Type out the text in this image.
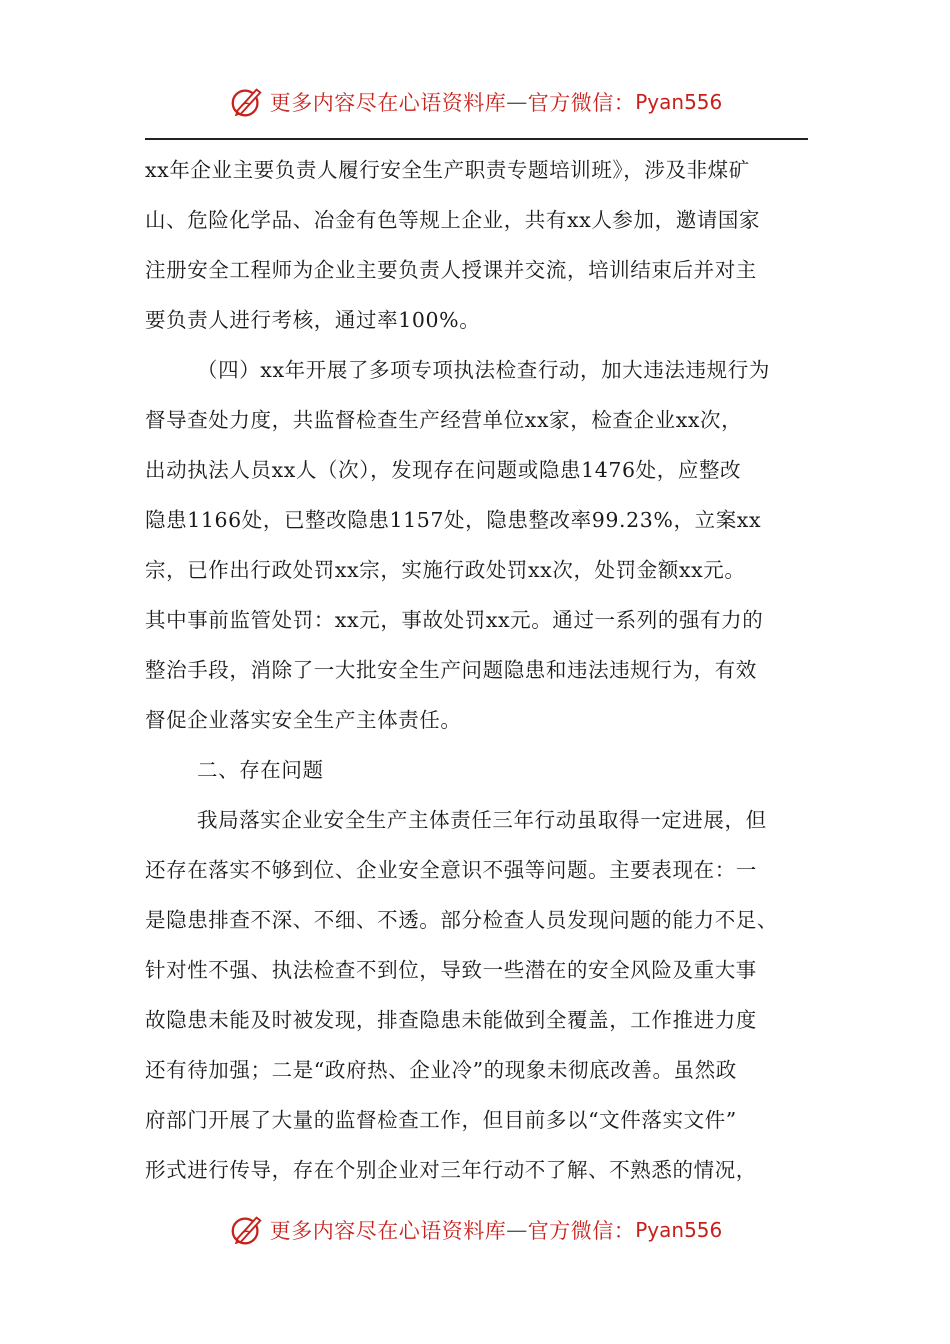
更多内容尽在心语资料库 — 官方微信： Pyan556
xx年企业主要负责人履行安全生产职责专题培训班》，涉及非煤矿
山、危险化学品、冶金有色等规上企业，共有xx人参加，邀请国家
注册安全工程师为企业主要负责人授课并交流，培训结束后并对主
要负责人进行考核，通过率100%。
（四）xx年开展了多项专项执法检查行动，加大违法违规行为
督导查处力度，共监督检查生产经营单位xx家，检查企业xx次，
出动执法人员xx人（次），发现存在问题或隐患1476处，应整改
隐患1166处，已整改隐患1157处，隐患整改率99.23%，立案xx
宗，已作出行政处罚xx宗，实施行政处罚xx次，处罚金额xx元。
其中事前监管处罚：xx元，事故处罚xx元。通过一系列的强有力的
整治手段，消除了一大批安全生产问题隐患和违法违规行为，有效
督促企业落实安全生产主体责任。
二、存在问题
我局落实企业安全生产主体责任三年行动虽取得一定进展，但
还存在落实不够到位、企业安全意识不强等问题。主要表现在：一
是隐患排查不深、不细、不透。部分检查人员发现问题的能力不足、
针对性不强、执法检查不到位，导致一些潜在的安全风险及重大事
故隐患未能及时被发现，排查隐患未能做到全覆盖，工作推进力度
还有待加强；二是“政府热、企业冷”的现象未彻底改善。虽然政
府部门开展了大量的监督检查工作，但目前多以“文件落实文件”
形式进行传导，存在个别企业对三年行动不了解、不熟悉的情况，
更多内容尽在心语资料库 — 官方微信： Pyan556
